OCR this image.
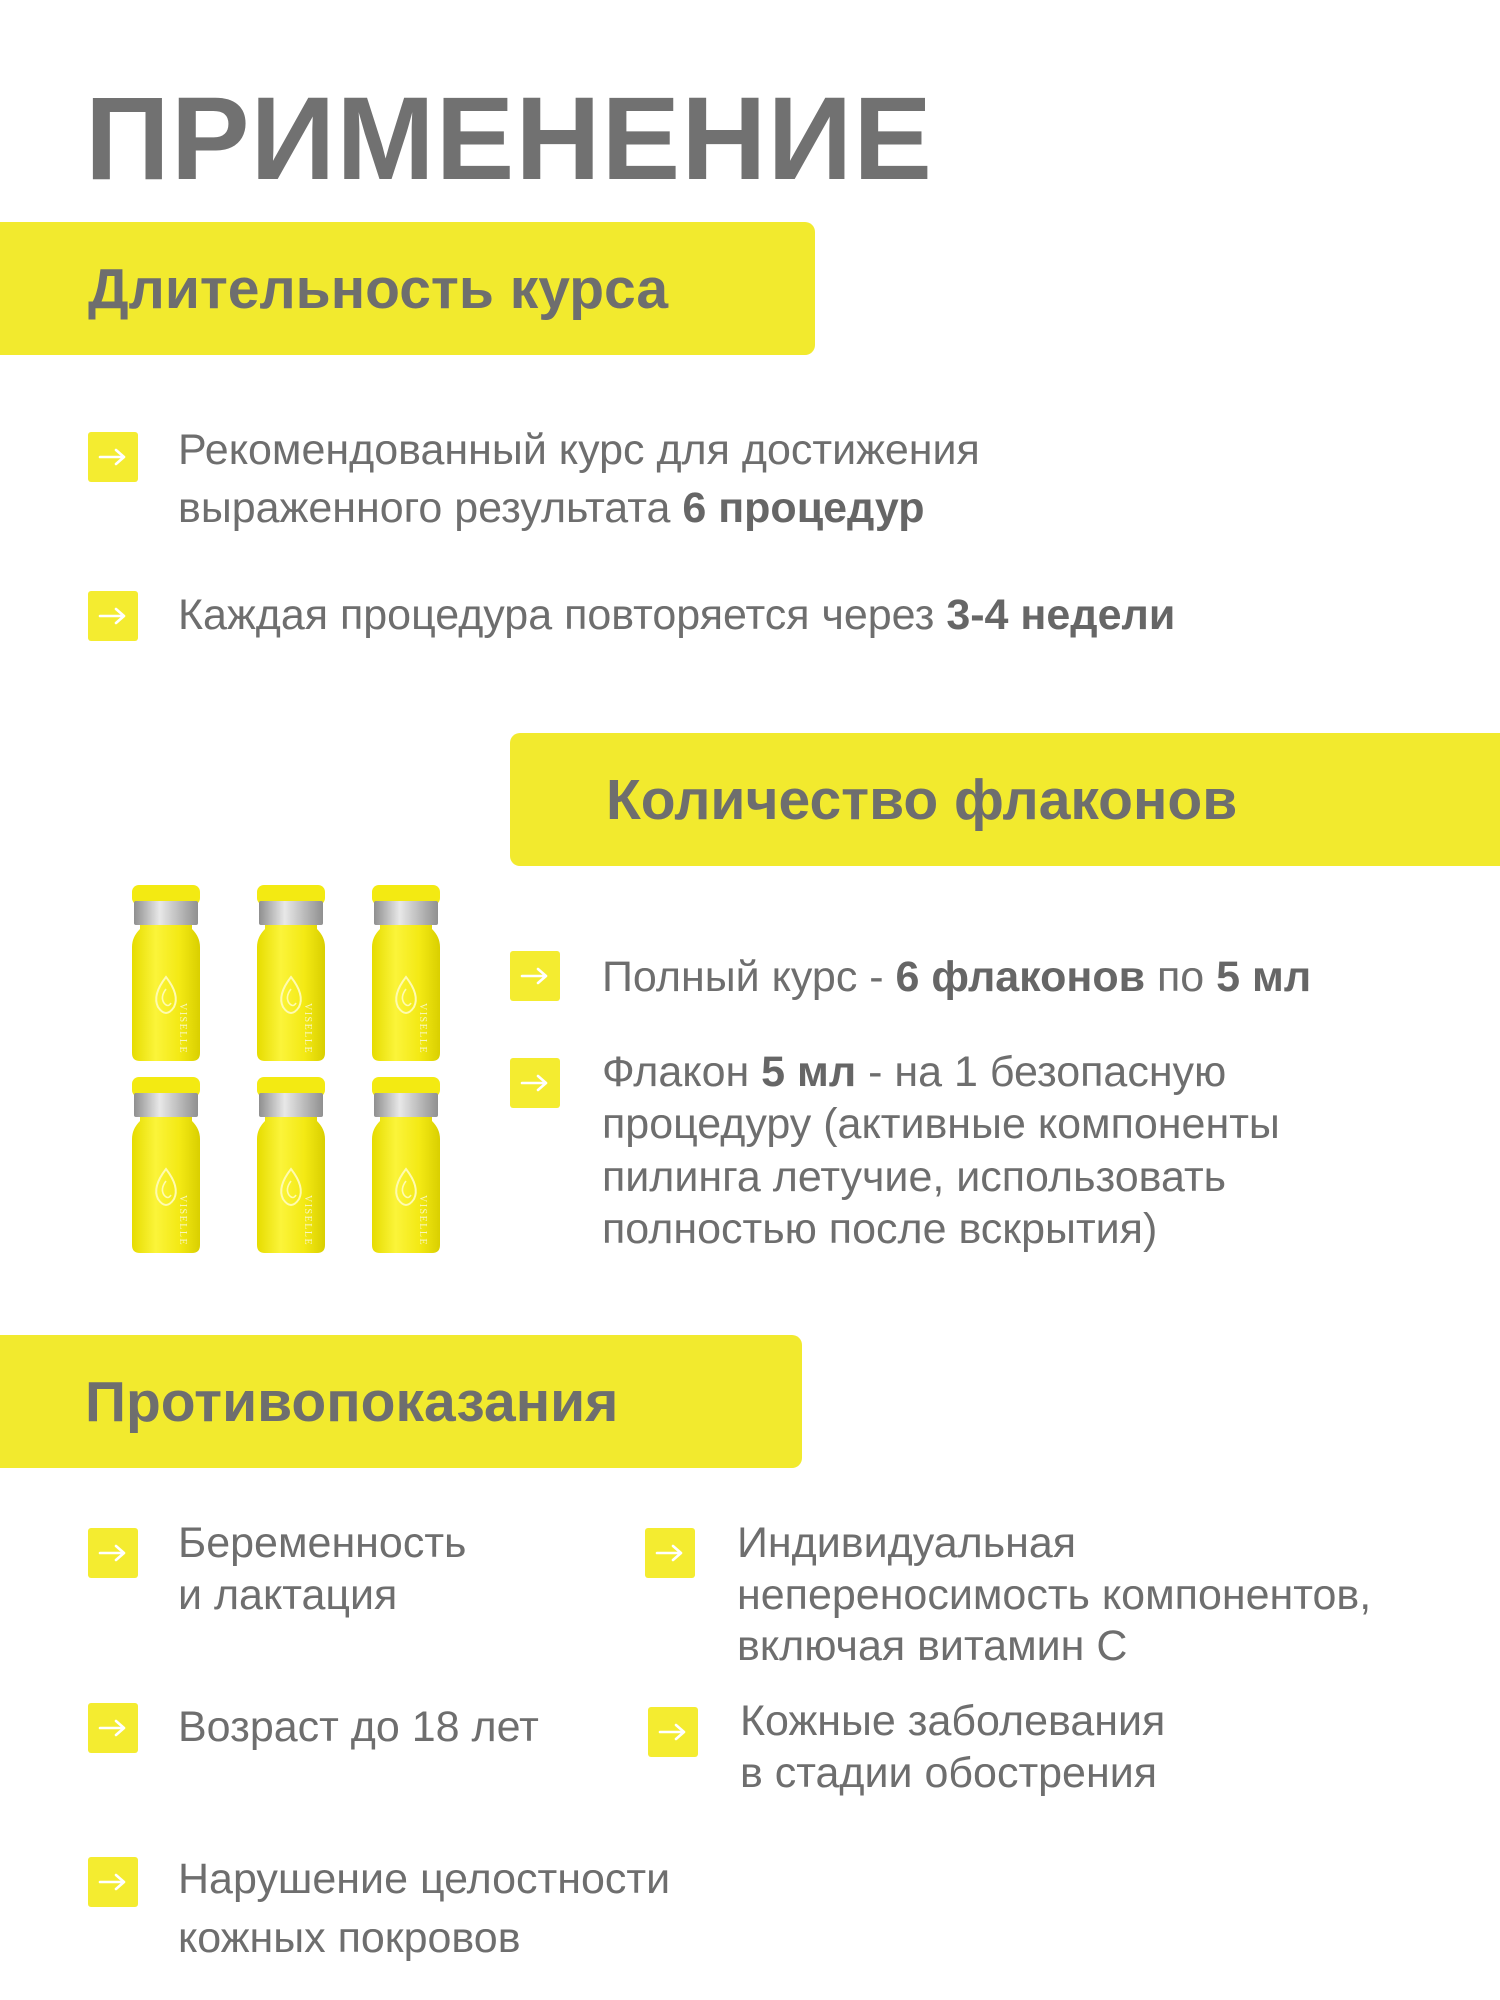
ПРИМЕНЕНИЕ
Длительность курса
Рекомендованный курс для достижения
выраженного результата 6 процедур
Каждая процедура повторяется через 3-4 недели
Количество флаконов
VISELLE	VISELLE	VISELLE
VISELLE	VISELLE	VISELLE
Полный курс - 6 флаконов по 5 мл
Флакон 5 мл - на 1 безопасную
процедуру (активные компоненты
пилинга летучие, использовать
полностью после вскрытия)
Противопоказания
Беременность
и лактация
Индивидуальная
непереносимость компонентов,
включая витамин С
Возраст до 18 лет	Кожные заболевания
в стадии обострения
Нарушение целостности
кожных покровов
